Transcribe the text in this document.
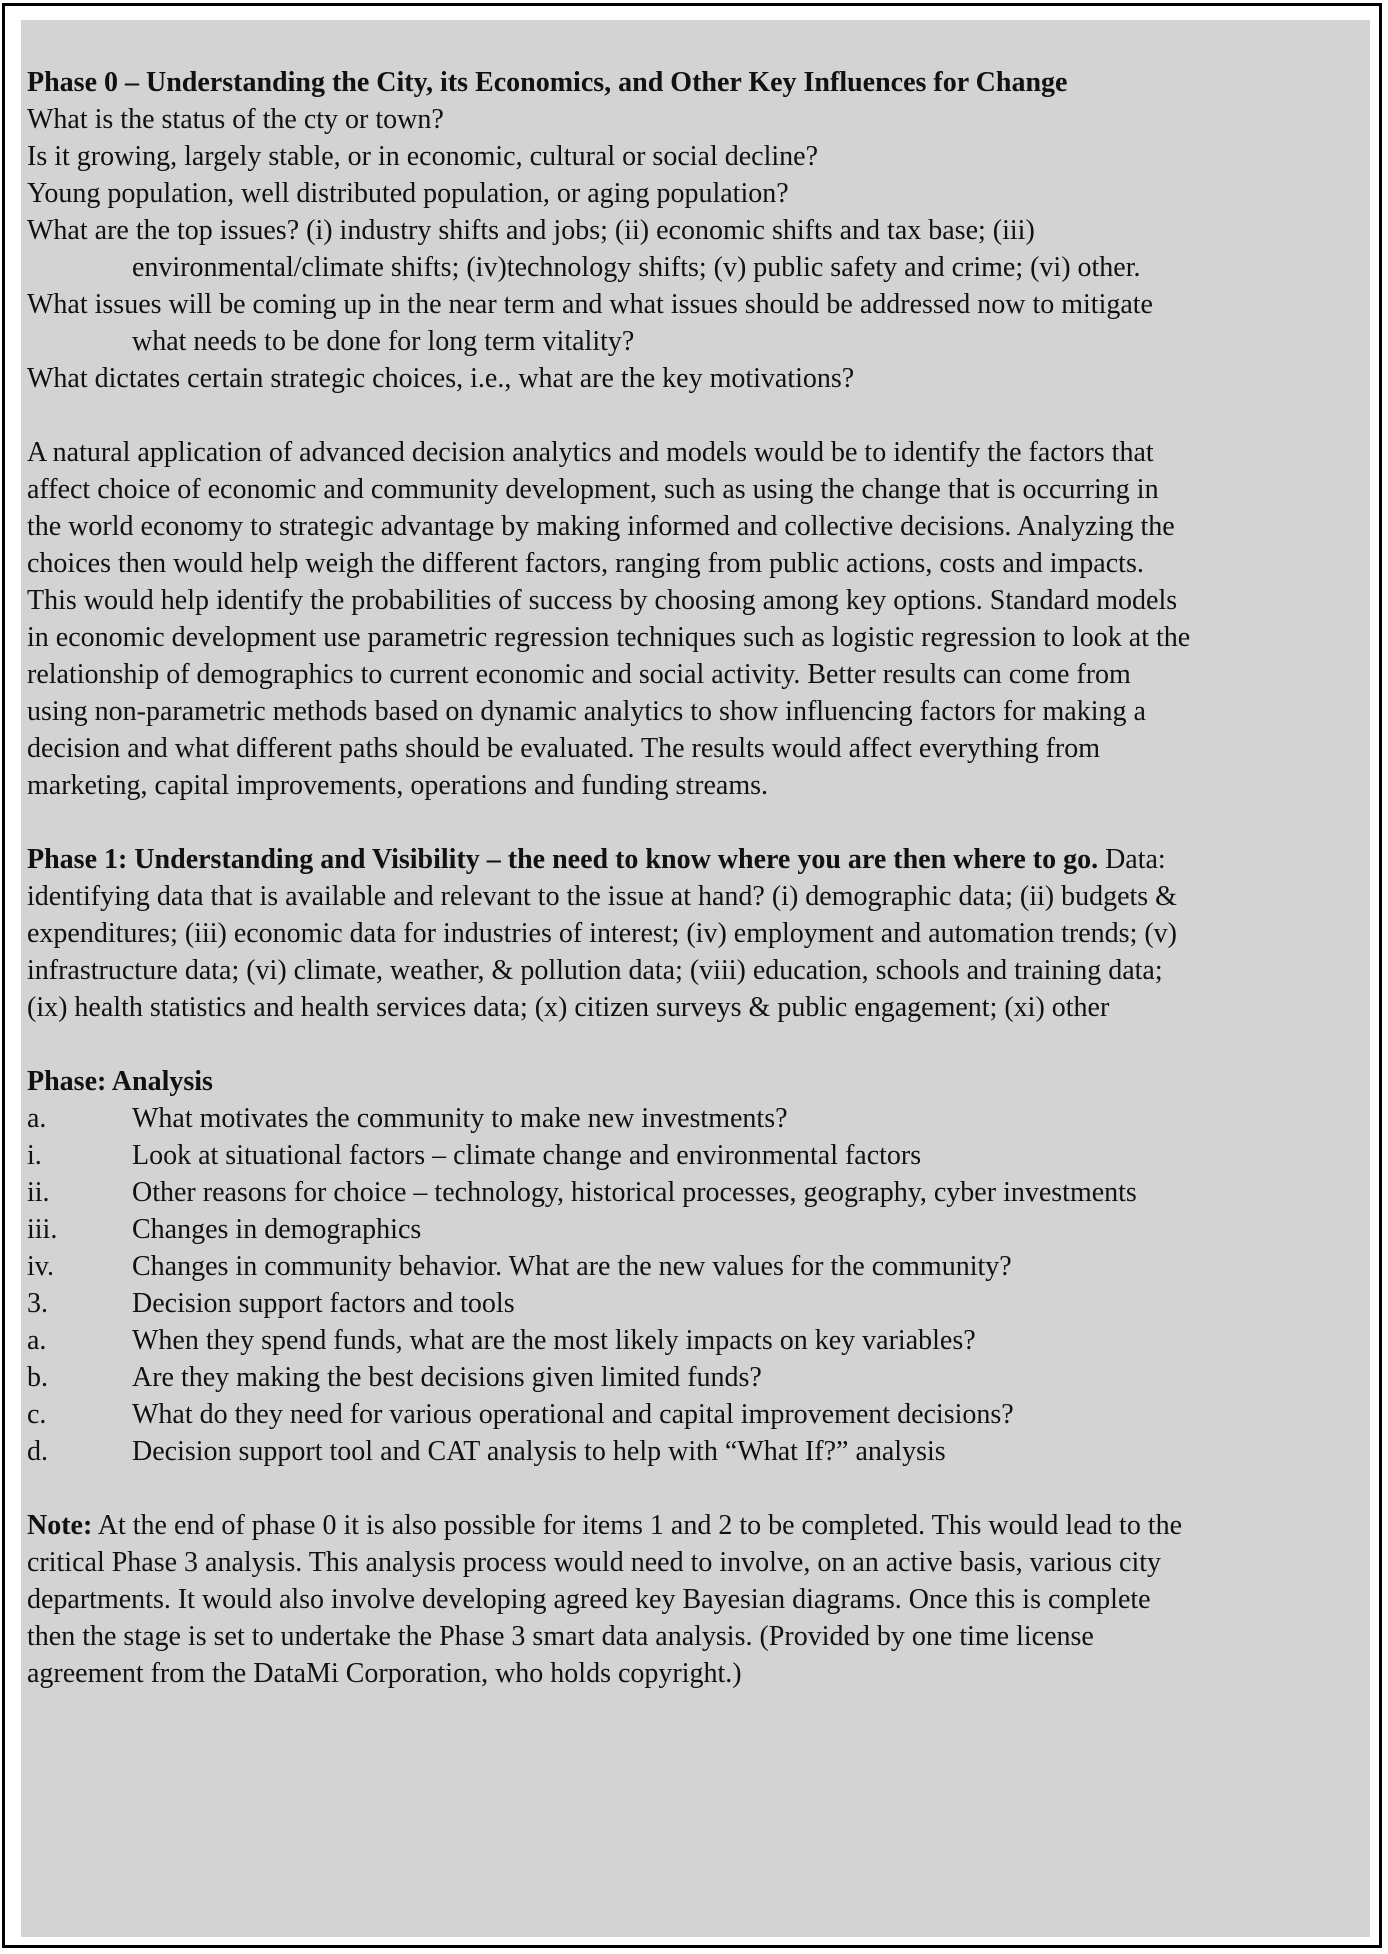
Phase 0 – Understanding the City, its Economics, and Other Key Influences for Change
What is the status of the cty or town?
Is it growing, largely stable, or in economic, cultural or social decline?
Young population, well distributed population, or aging population?
What are the top issues? (i) industry shifts and jobs; (ii) economic shifts and tax base; (iii)
environmental/climate shifts; (iv)technology shifts; (v) public safety and crime; (vi) other.
What issues will be coming up in the near term and what issues should be addressed now to mitigate
what needs to be done for long term vitality?
What dictates certain strategic choices, i.e., what are the key motivations?
A natural application of advanced decision analytics and models would be to identify the factors that
affect choice of economic and community development, such as using the change that is occurring in
the world economy to strategic advantage by making informed and collective decisions. Analyzing the
choices then would help weigh the different factors, ranging from public actions, costs and impacts.
This would help identify the probabilities of success by choosing among key options. Standard models
in economic development use parametric regression techniques such as logistic regression to look at the
relationship of demographics to current economic and social activity. Better results can come from
using non-parametric methods based on dynamic analytics to show influencing factors for making a
decision and what different paths should be evaluated. The results would affect everything from
marketing, capital improvements, operations and funding streams.
Phase 1: Understanding and Visibility – the need to know where you are then where to go. Data:
identifying data that is available and relevant to the issue at hand? (i) demographic data; (ii) budgets &
expenditures; (iii) economic data for industries of interest; (iv) employment and automation trends; (v)
infrastructure data; (vi) climate, weather, & pollution data; (viii) education, schools and training data;
(ix) health statistics and health services data; (x) citizen surveys & public engagement; (xi) other
Phase: Analysis
a.	What motivates the community to make new investments?
i.	Look at situational factors – climate change and environmental factors
ii.	Other reasons for choice – technology, historical processes, geography, cyber investments
iii.	Changes in demographics
iv.	Changes in community behavior. What are the new values for the community?
3.	Decision support factors and tools
a.	When they spend funds, what are the most likely impacts on key variables?
b.	Are they making the best decisions given limited funds?
c.	What do they need for various operational and capital improvement decisions?
d.	Decision support tool and CAT analysis to help with “What If?” analysis
Note: At the end of phase 0 it is also possible for items 1 and 2 to be completed. This would lead to the
critical Phase 3 analysis. This analysis process would need to involve, on an active basis, various city
departments. It would also involve developing agreed key Bayesian diagrams. Once this is complete
then the stage is set to undertake the Phase 3 smart data analysis. (Provided by one time license
agreement from the DataMi Corporation, who holds copyright.)
